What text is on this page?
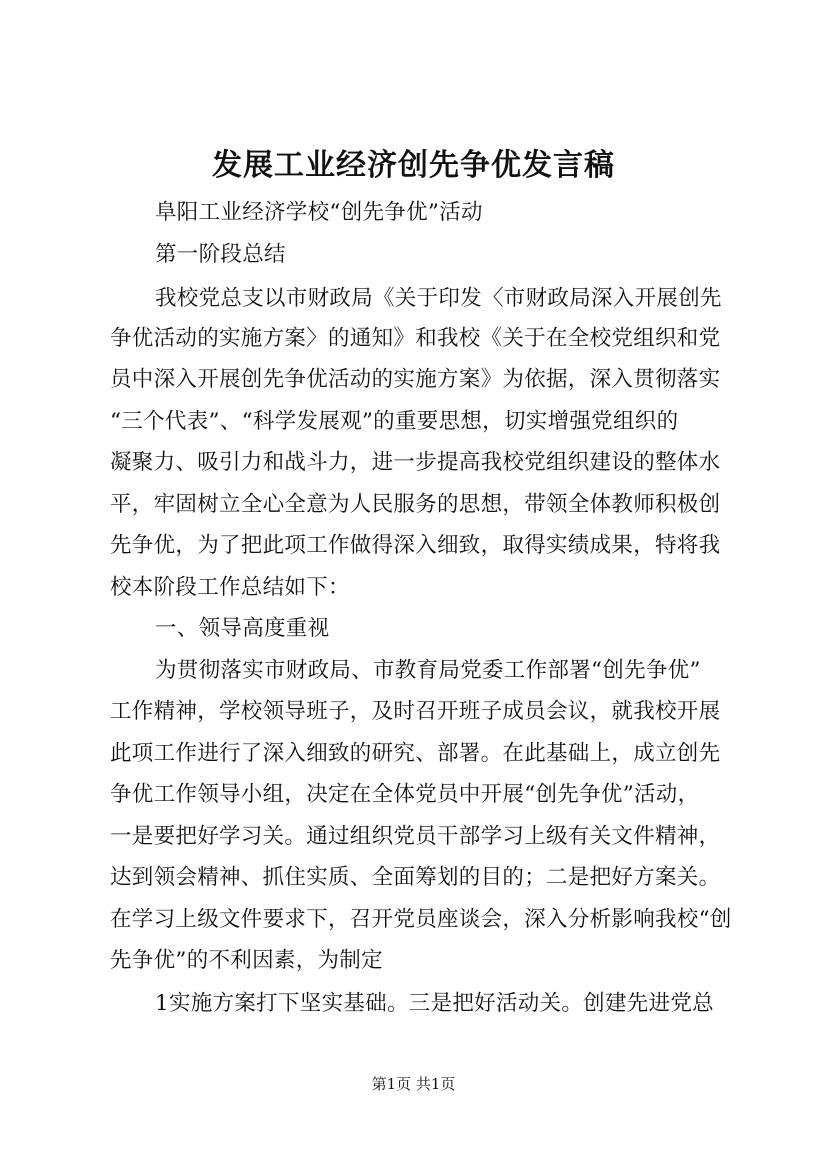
发展工业经济创先争优发言稿
阜阳工业经济学校“创先争优”活动
第一阶段总结
我校党总支以市财政局《关于印发〈市财政局深入开展创先
争优活动的实施方案〉的通知》和我校《关于在全校党组织和党
员中深入开展创先争优活动的实施方案》为依据，深入贯彻落实
“三个代表”、“科学发展观”的重要思想，切实增强党组织的
凝聚力、吸引力和战斗力，进一步提高我校党组织建设的整体水
平，牢固树立全心全意为人民服务的思想，带领全体教师积极创
先争优，为了把此项工作做得深入细致，取得实绩成果，特将我
校本阶段工作总结如下：
一、领导高度重视
为贯彻落实市财政局、市教育局党委工作部署“创先争优”
工作精神，学校领导班子，及时召开班子成员会议，就我校开展
此项工作进行了深入细致的研究、部署。在此基础上，成立创先
争优工作领导小组，决定在全体党员中开展“创先争优”活动，
一是要把好学习关。通过组织党员干部学习上级有关文件精神，
达到领会精神、抓住实质、全面筹划的目的；二是把好方案关。
在学习上级文件要求下，召开党员座谈会，深入分析影响我校“创
先争优”的不利因素，为制定
1实施方案打下坚实基础。三是把好活动关。创建先进党总
第1页 共1页
